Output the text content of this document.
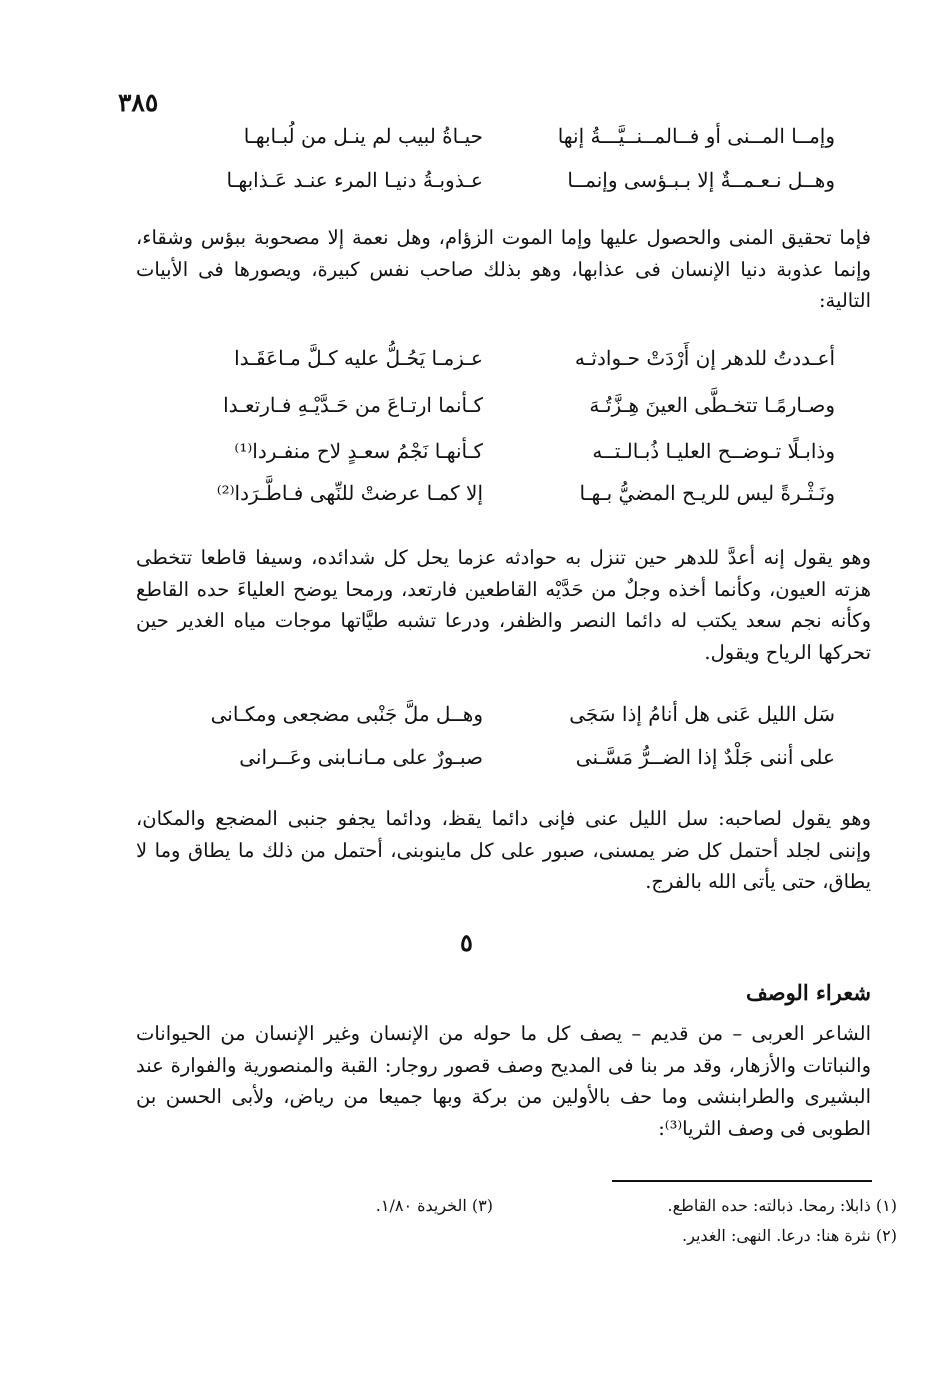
٣٨٥
وإمــا المــنى أو فــالمــنــيَّـــةُ إنها
حيـاةُ لبيب لم ينـل من لُبـابهـا
وهــل نـعـمــةٌ إلا بـبـؤسى وإنمــا
عـذوبـةُ دنيـا المرء عنـد عَـذابهـا
فإما تحقيق المنى والحصول عليها وإما الموت الزؤام، وهل نعمة إلا مصحوبة ببؤس وشقاء، وإنما عذوبة دنيا الإنسان فى عذابها، وهو بذلك صاحب نفس كبيرة، ويصورها فى الأبيات التالية:
أعـددتُ للدهر إن أَرْدَتْ حـوادثـه
عـزمـا يَحُـلُّ عليه كـلَّ مـاعَقَـدا
وصـارمًـا تتخـطَّى العينَ هِـزَّتُـهَ
كـأنما ارتـاعَ من حَـدَّيْـهِ فـارتعـدا
وذابـلًا تـوضــح العليـا ذُبـالـتــه
كـأنهـا نَجْمُ سعـدٍ لاح منفـردا⁽¹⁾
ونَـثْـرةً ليس للريـح المضيُّ بـهـا
إلا كمـا عرضتْ للنِّهى فـاطَّـرَدا⁽²⁾
وهو يقول إنه أعدَّ للدهر حين تنزل به حوادثه عزما يحل كل شدائده، وسيفا قاطعا تتخطى هزته العيون، وكأنما أخذه وجلٌ من حَدَّيْه القاطعين فارتعد، ورمحا يوضح العلياءَ حده القاطع وكأنه نجم سعد يكتب له دائما النصر والظفر، ودرعا تشبه طيَّاتها موجات مياه الغدير حين تحركها الرياح ويقول.
سَل الليل عَنى هل أنامُ إذا سَجَى
وهــل ملَّ جَنْبى مضجعى ومكـانى
على أننى جَلْدٌ إذا الضــرُّ مَسَّـنى
صبـورٌ على مـانـابنى وعَــرانى
وهو يقول لصاحبه: سل الليل عنى فإنى دائما يقظ، ودائما يجفو جنبى المضجع والمكان، وإننى لجلد أحتمل كل ضر يمسنى، صبور على كل ماينوبنى، أحتمل من ذلك ما يطاق وما لا يطاق، حتى يأتى الله بالفرج.
٥
شعراء الوصف
الشاعر العربى – من قديم – يصف كل ما حوله من الإنسان وغير الإنسان من الحيوانات والنباتات والأزهار، وقد مر بنا فى المديح وصف قصور روجار: القبة والمنصورية والفوارة عند البشيرى والطرابنشى وما حف بالأولين من بركة وبها جميعا من رياض، ولأبى الحسن بن الطوبى فى وصف الثريا⁽³⁾:
(١) ذابلا: رمحا. ذبالته: حده القاطع.
(٢) نثرة هنا: درعا. النهى: الغدير.
(٣) الخريدة ١/٨٠.
